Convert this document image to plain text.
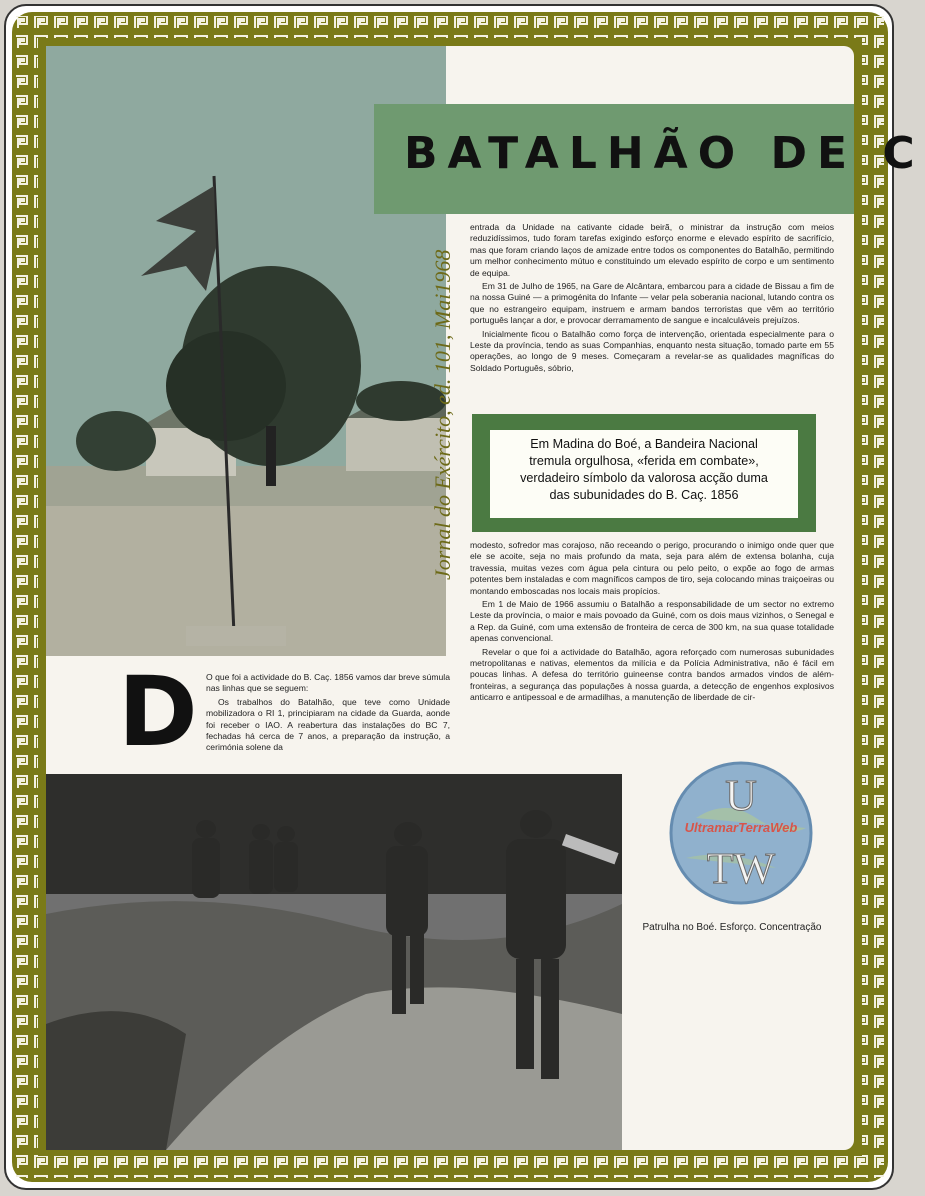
BATALHÃO DE C

entrada da Unidade na cativante cidade beirã, o ministrar da instrução com meios reduzidíssimos, tudo foram tarefas exigindo esforço enorme e elevado espírito de sacrifício, mas que foram criando laços de amizade entre todos os componentes do Batalhão, permitindo um melhor conhecimento mútuo e constituindo um elevado espírito de corpo e um sentimento de equipa.

Em 31 de Julho de 1965, na Gare de Alcântara, embarcou para a cidade de Bissau a fim de na nossa Guiné — a primogénita do Infante — velar pela soberania nacional, lutando contra os que no estrangeiro equipam, instruem e armam bandos terroristas que vêm ao território português lançar a dor, e provocar derramamento de sangue e incalculáveis prejuízos.

Inicialmente ficou o Batalhão como força de intervenção, orientada especialmente para o Leste da província, tendo as suas Companhias, enquanto nesta situação, tomado parte em 55 operações, ao longo de 9 meses. Começaram a revelar-se as qualidades magníficas do Soldado Português, sóbrio,

Em Madina do Boé, a Bandeira Nacional
tremula orgulhosa, «ferida em combate»,
verdadeiro símbolo da valorosa acção duma
das subunidades do B. Caç. 1856

modesto, sofredor mas corajoso, não receando o perigo, procurando o inimigo onde quer que ele se acoite, seja no mais profundo da mata, seja para além de extensa bolanha, cuja travessia, muitas vezes com água pela cintura ou pelo peito, o expõe ao fogo de armas potentes bem instaladas e com magníficos campos de tiro, seja colocando minas traiçoeiras ou montando emboscadas nos locais mais propícios.

Em 1 de Maio de 1966 assumiu o Batalhão a responsabilidade de um sector no extremo Leste da província, o maior e mais povoado da Guiné, com os dois maus vizinhos, o Senegal e a Rep. da Guiné, com uma extensão de fronteira de cerca de 300 km, na sua quase totalidade apenas convencional.

Revelar o que foi a actividade do Batalhão, agora reforçado com numerosas subunidades metropolitanas e nativas, elementos da milícia e da Polícia Administrativa, não é fácil em poucas linhas. A defesa do território guineense contra bandos armados vindos de além-fronteiras, a segurança das populações à nossa guarda, a detecção de engenhos explosivos anticarro e antipessoal e de armadilhas, a manutenção de liberdade de cir-

D O que foi a actividade do B. Caç. 1856 vamos dar breve súmula nas linhas que se seguem:

Os trabalhos do Batalhão, que teve como Unidade mobilizadora o RI 1, principiaram na cidade da Guarda, aonde foi receber o IAO. A reabertura das instalações do BC 7, fechadas há cerca de 7 anos, a preparação da instrução, a cerimónia solene da

Patrulha no Boé. Esforço. Concentração
U
UltramarTerraWeb
TW
Jornal do Exército, ed. 101, Mai1968
